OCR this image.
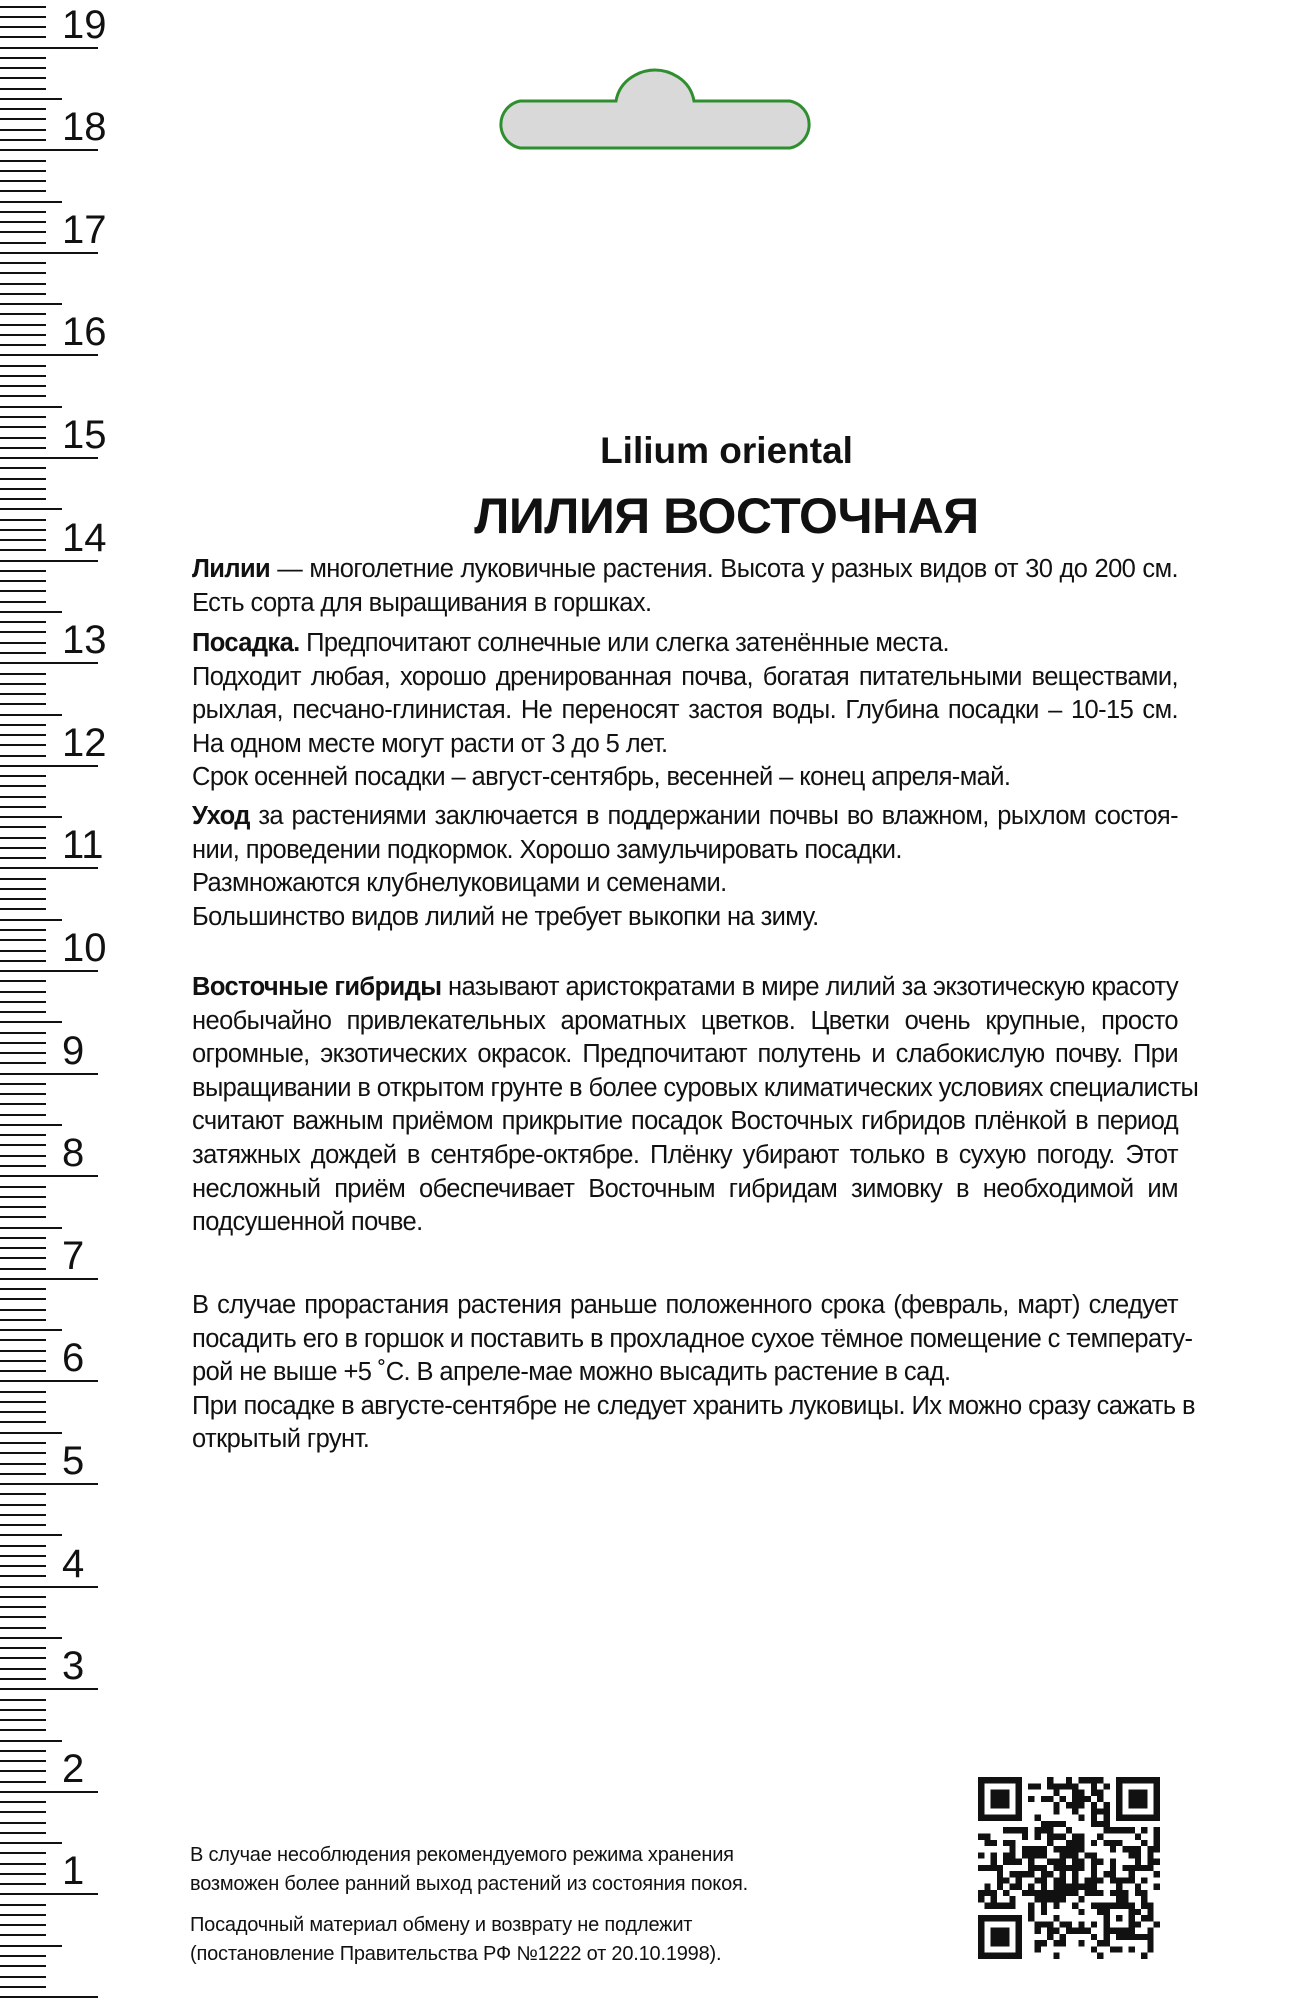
1
2
3
4
5
6
7
8
9
10
11
12
13
14
15
16
17
18
19
Lilium oriental
ЛИЛИЯ ВОСТОЧНАЯ
Лилии — многолетние луковичные растения. Высота у разных видов от 30 до 200 см.
Есть сорта для выращивания в горшках.
Посадка. Предпочитают солнечные или слегка затенённые места.
Подходит любая, хорошо дренированная почва, богатая питательными веществами,
рыхлая, песчано-глинистая. Не переносят застоя воды. Глубина посадки – 10-15 см.
На одном месте могут расти от 3 до 5 лет.
Срок осенней посадки – август-сентябрь, весенней – конец апреля-май.
Уход за растениями заключается в поддержании почвы во влажном, рыхлом состоя-
нии, проведении подкормок. Хорошо замульчировать посадки.
Размножаются клубнелуковицами и семенами.
Большинство видов лилий не требует выкопки на зиму.
Восточные гибриды называют аристократами в мире лилий за экзотическую красоту
необычайно привлекательных ароматных цветков. Цветки очень крупные, просто
огромные, экзотических окрасок. Предпочитают полутень и слабокислую почву. При
выращивании в открытом грунте в более суровых климатических условиях специалисты
считают важным приёмом прикрытие посадок Восточных гибридов плёнкой в период
затяжных дождей в сентябре-октябре. Плёнку убирают только в сухую погоду. Этот
несложный приём обеспечивает Восточным гибридам зимовку в необходимой им
подсушенной почве.
В случае прорастания растения раньше положенного срока (февраль, март) следует
посадить его в горшок и поставить в прохладное сухое тёмное помещение с температу-
рой не выше +5 ˚С. В апреле-мае можно высадить растение в сад.
При посадке в августе-сентябре не следует хранить луковицы. Их можно сразу сажать в
открытый грунт.
В случае несоблюдения рекомендуемого режима хранения
возможен более ранний выход растений из состояния покоя.
Посадочный материал обмену и возврату не подлежит
(постановление Правительства РФ №1222 от 20.10.1998).
